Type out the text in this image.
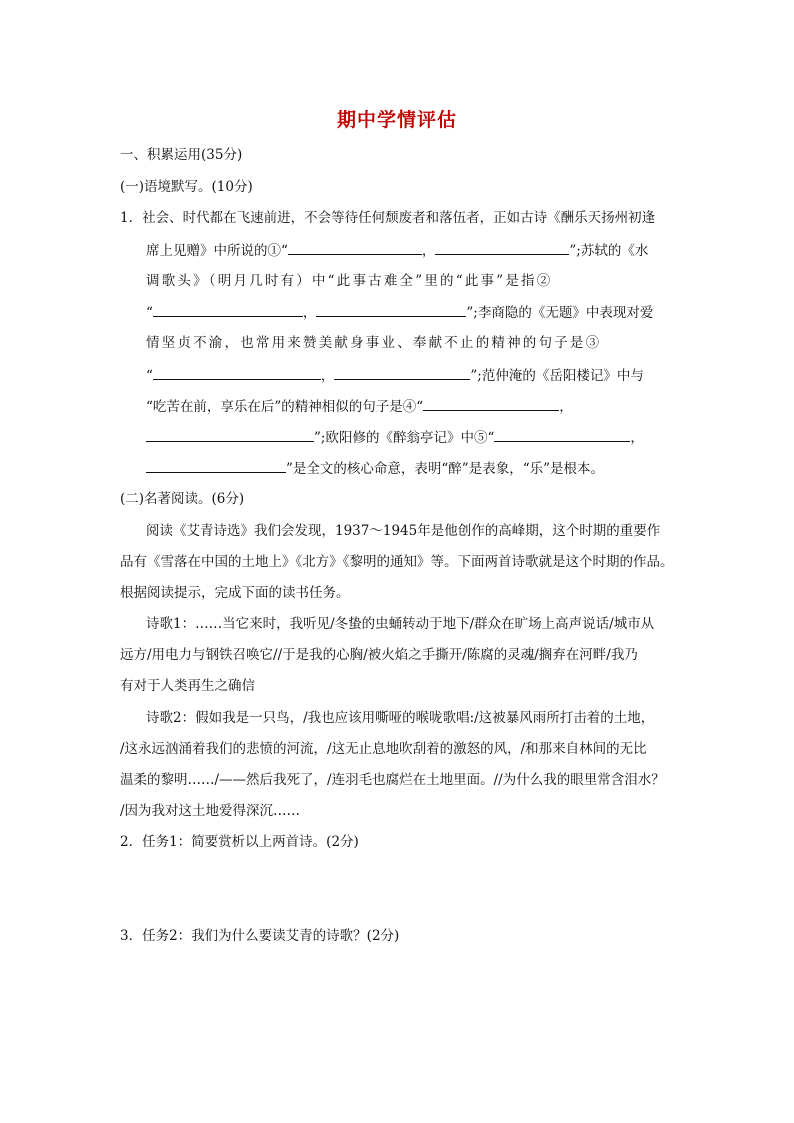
期中学情评估
一、积累运用(35分)
(一)语境默写。(10分)
1．社会、时代都在飞速前进，不会等待任何颓废者和落伍者，正如古诗《酬乐天扬州初逢
席上见赠》中所说的①“	，	”;苏轼的《水
调歌头》（明月几时有）中“此事古难全”里的“此事”是指②
“	，	”;李商隐的《无题》中表现对爱
情坚贞不渝，也常用来赞美献身事业、奉献不止的精神的句子是③
“	，	”;范仲淹的《岳阳楼记》中与
“吃苦在前，享乐在后”的精神相似的句子是④“	，
”;欧阳修的《醉翁亭记》中⑤“	，
”是全文的核心命意，表明“醉”是表象，“乐”是根本。
(二)名著阅读。(6分)
阅读《艾青诗选》我们会发现，1937～1945年是他创作的高峰期，这个时期的重要作
品有《雪落在中国的土地上》《北方》《黎明的通知》等。下面两首诗歌就是这个时期的作品。
根据阅读提示，完成下面的读书任务。
诗歌1：……当它来时，我听见/冬蛰的虫蛹转动于地下/群众在旷场上高声说话/城市从
远方/用电力与钢铁召唤它//于是我的心胸/被火焰之手撕开/陈腐的灵魂/搁弃在河畔/我乃
有对于人类再生之确信
诗歌2：假如我是一只鸟，/我也应该用嘶哑的喉咙歌唱:/这被暴风雨所打击着的土地，
/这永远汹涌着我们的悲愤的河流，/这无止息地吹刮着的激怒的风，/和那来自林间的无比
温柔的黎明……/——然后我死了，/连羽毛也腐烂在土地里面。//为什么我的眼里常含泪水？
/因为我对这土地爱得深沉……
2．任务1：简要赏析以上两首诗。(2分)
3．任务2：我们为什么要读艾青的诗歌？(2分)
